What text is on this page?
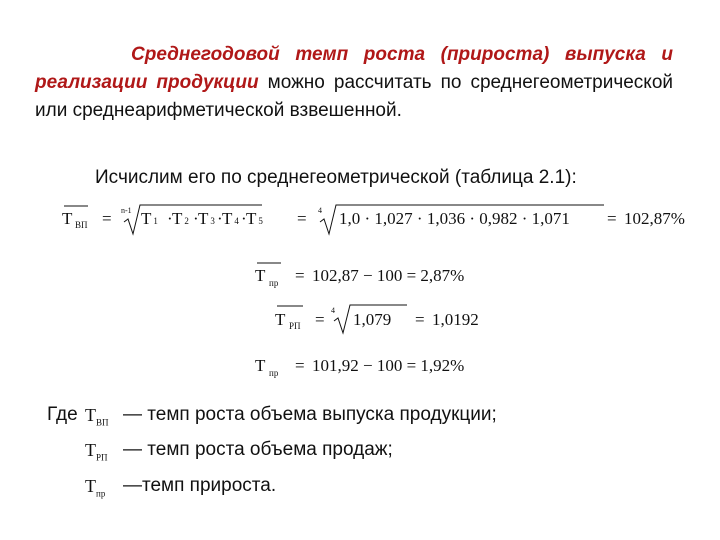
Среднегодовой темп роста (прироста) выпуска и реализации продукции можно рассчитать по среднегеометрической или среднеарифметической взвешенной.
Исчислим его по среднегеометрической (таблица 2.1):
Т ВП = n-1 Т 1 · Т 2 · Т 3 · Т 4 · Т 5 = 4 1,0 · 1,027 · 1,036 · 0,982 · 1,071 = 102,87%
Т пр = 102,87 − 100 = 2,87%
Т РП = 4 1,079 = 1,0192
Т пр = 101,92 − 100 = 1,92%
Где $Т_{ВП}$ — темп роста объема выпуска продукции;
$Т_{РП}$ — темп роста объема продаж;
$Т_{пр}$ —темп прироста.
